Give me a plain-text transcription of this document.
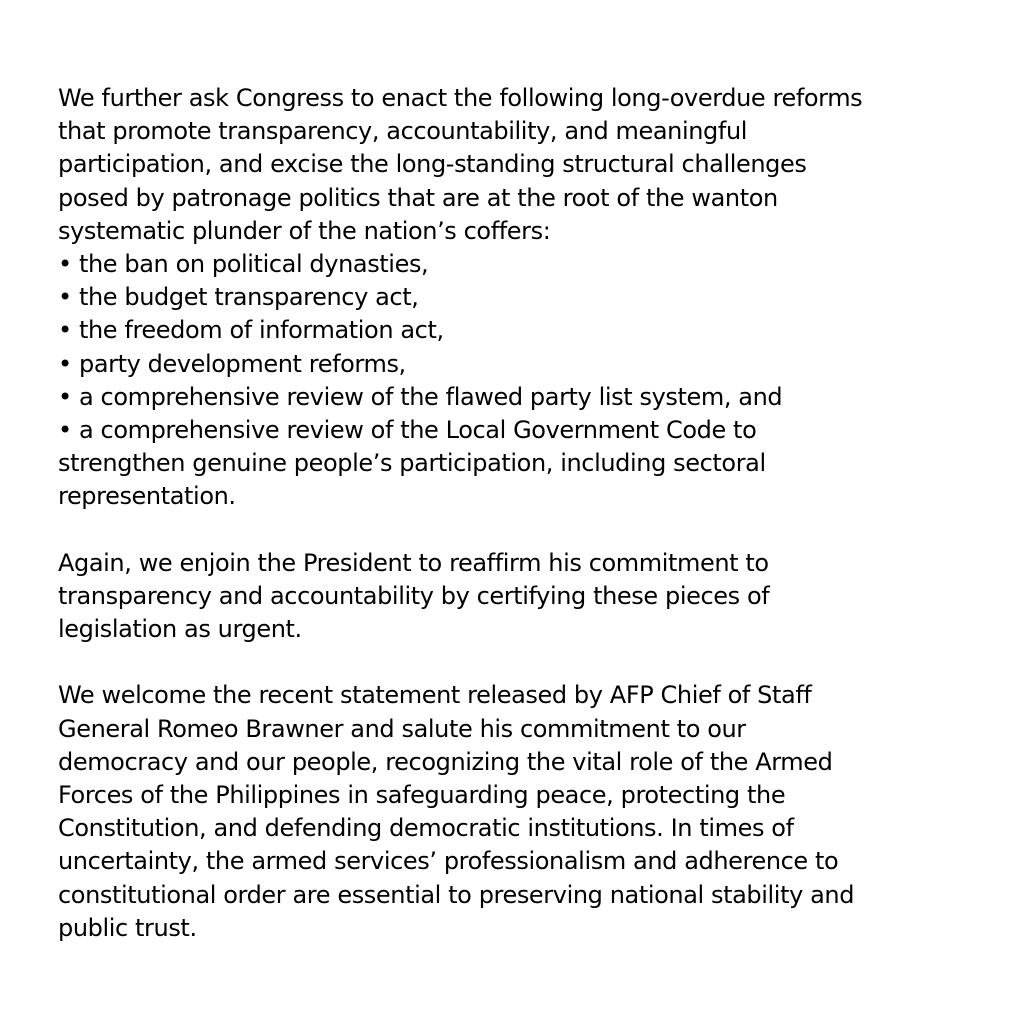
We further ask Congress to enact the following long-overdue reforms
that promote transparency, accountability, and meaningful
participation, and excise the long-standing structural challenges
posed by patronage politics that are at the root of the wanton
systematic plunder of the nation’s coffers:
• the ban on political dynasties,
• the budget transparency act,
• the freedom of information act,
• party development reforms,
• a comprehensive review of the flawed party list system, and
• a comprehensive review of the Local Government Code to
strengthen genuine people’s participation, including sectoral
representation.

Again, we enjoin the President to reaffirm his commitment to
transparency and accountability by certifying these pieces of
legislation as urgent.

We welcome the recent statement released by AFP Chief of Staff
General Romeo Brawner and salute his commitment to our
democracy and our people, recognizing the vital role of the Armed
Forces of the Philippines in safeguarding peace, protecting the
Constitution, and defending democratic institutions. In times of
uncertainty, the armed services’ professionalism and adherence to
constitutional order are essential to preserving national stability and
public trust.
